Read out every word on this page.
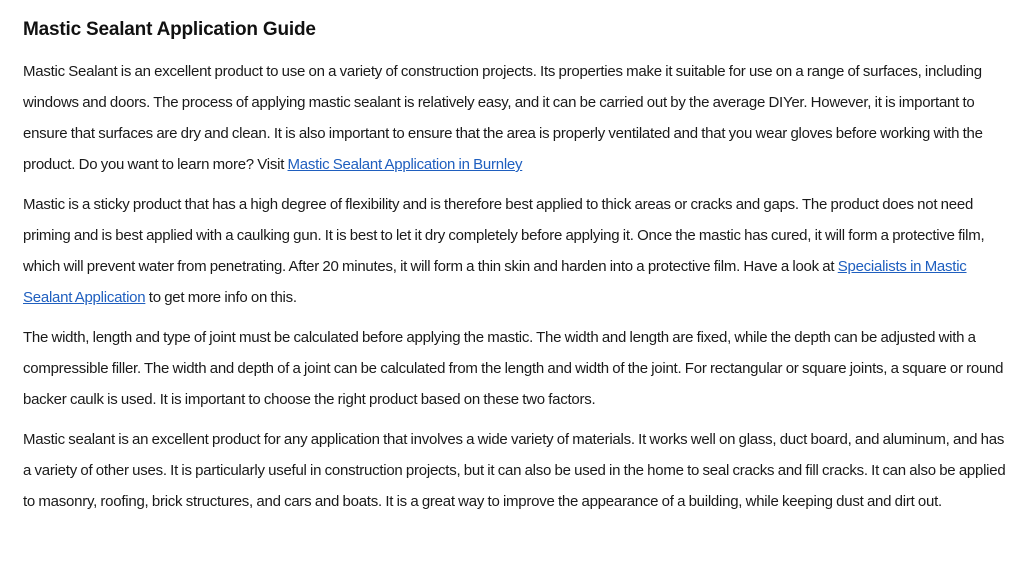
Mastic Sealant Application Guide

Mastic Sealant is an excellent product to use on a variety of construction projects. Its properties make it suitable for use on a range of surfaces, including windows and doors. The process of applying mastic sealant is relatively easy, and it can be carried out by the average DIYer. However, it is important to ensure that surfaces are dry and clean. It is also important to ensure that the area is properly ventilated and that you wear gloves before working with the product. Do you want to learn more? Visit Mastic Sealant Application in Burnley

Mastic is a sticky product that has a high degree of flexibility and is therefore best applied to thick areas or cracks and gaps. The product does not need priming and is best applied with a caulking gun. It is best to let it dry completely before applying it. Once the mastic has cured, it will form a protective film, which will prevent water from penetrating. After 20 minutes, it will form a thin skin and harden into a protective film. Have a look at Specialists in Mastic Sealant Application to get more info on this.

The width, length and type of joint must be calculated before applying the mastic. The width and length are fixed, while the depth can be adjusted with a compressible filler. The width and depth of a joint can be calculated from the length and width of the joint. For rectangular or square joints, a square or round backer caulk is used. It is important to choose the right product based on these two factors.

Mastic sealant is an excellent product for any application that involves a wide variety of materials. It works well on glass, duct board, and aluminum, and has a variety of other uses. It is particularly useful in construction projects, but it can also be used in the home to seal cracks and fill cracks. It can also be applied to masonry, roofing, brick structures, and cars and boats. It is a great way to improve the appearance of a building, while keeping dust and dirt out.
